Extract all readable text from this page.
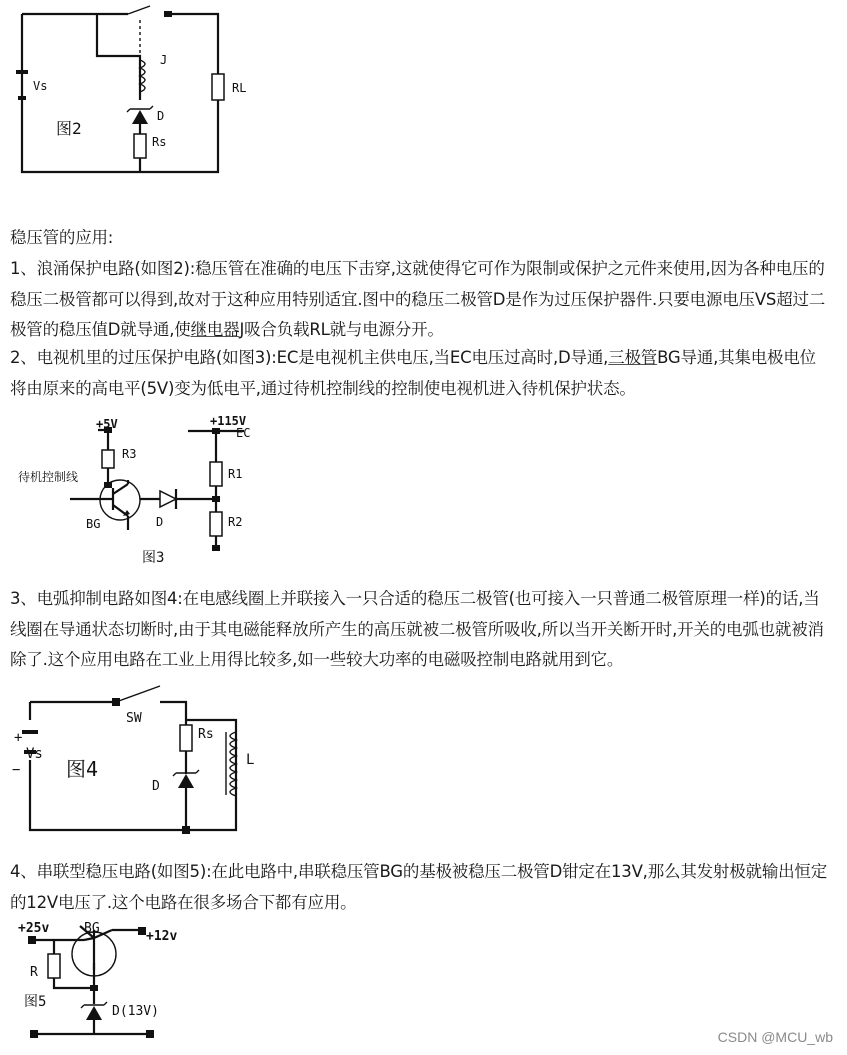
Vs
J
D
Rs
RL
图2

稳压管的应用:

1、浪涌保护电路(如图2):稳压管在准确的电压下击穿,这就使得它可作为限制或保护之元件来使用,因为各种电压的稳压二极管都可以得到,故对于这种应用特别适宜.图中的稳压二极管D是作为过压保护器件.只要电源电压VS超过二极管的稳压值D就导通,使继电器J吸合负载RL就与电源分开。

2、电视机里的过压保护电路(如图3):EC是电视机主供电压,当EC电压过高时,D导通,三极管BG导通,其集电极电位将由原来的高电平(5V)变为低电平,通过待机控制线的控制使电视机进入待机保护状态。

+5V
R3
待机控制线
BG	D
+115V
EC
R1
R2
图3

3、电弧抑制电路如图4:在电感线圈上并联接入一只合适的稳压二极管(也可接入一只普通二极管原理一样)的话,当线圈在导通状态切断时,由于其电磁能释放所产生的高压就被二极管所吸收,所以当开关断开时,开关的电弧也就被消除了.这个应用电路在工业上用得比较多,如一些较大功率的电磁吸控制电路就用到它。

+
−
Vs
SW
Rs
D
L
图4

4、串联型稳压电路(如图5):在此电路中,串联稳压管BG的基极被稳压二极管D钳定在13V,那么其发射极就输出恒定的12V电压了.这个电路在很多场合下都有应用。

+25v	BG
+12v
R
图5
D(13V)
CSDN @MCU_wb
